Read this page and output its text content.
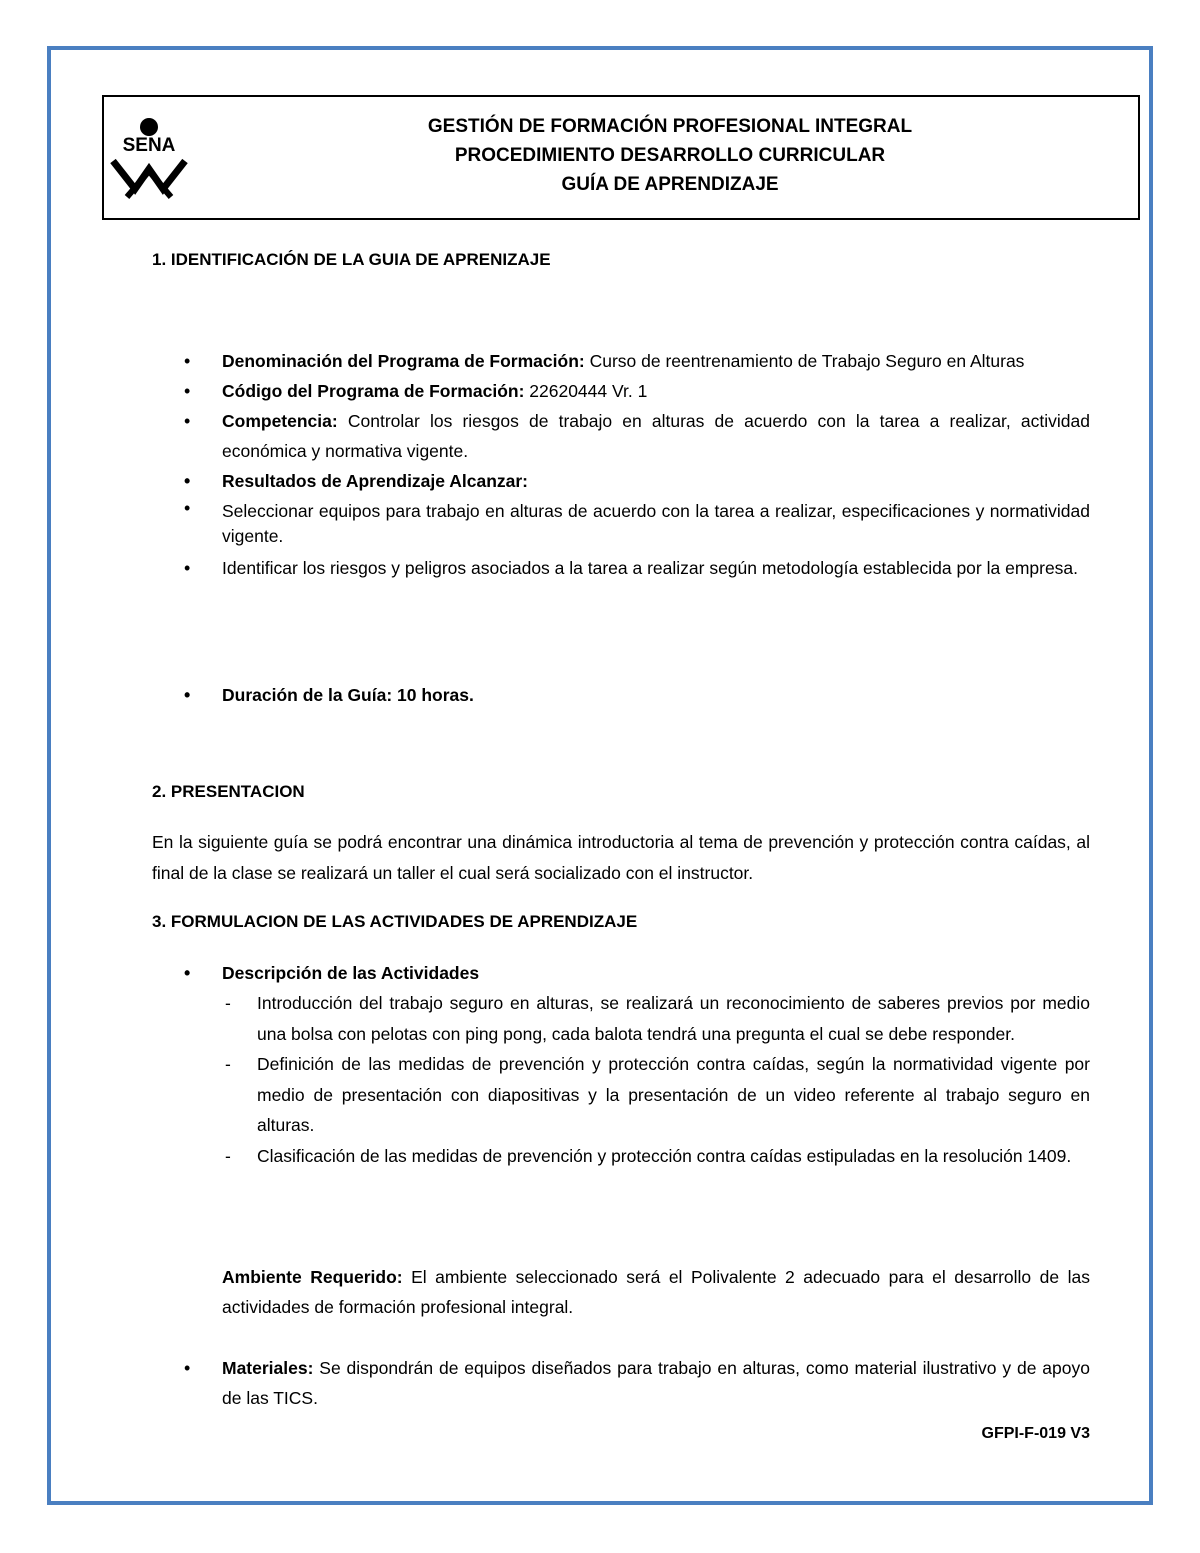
SENA
GESTIÓN DE FORMACIÓN PROFESIONAL INTEGRAL
PROCEDIMIENTO DESARROLLO CURRICULAR
GUÍA DE APRENDIZAJE
1. IDENTIFICACIÓN DE LA GUIA DE APRENIZAJE
• Denominación del Programa de Formación: Curso de reentrenamiento de Trabajo Seguro en Alturas
• Código del Programa de Formación: 22620444 Vr. 1
• Competencia: Controlar los riesgos de trabajo en alturas de acuerdo con la tarea a realizar, actividad económica y normativa vigente.
• Resultados de Aprendizaje Alcanzar:
• Seleccionar equipos para trabajo en alturas de acuerdo con la tarea a realizar, especificaciones y normatividad vigente.
• Identificar los riesgos y peligros asociados a la tarea a realizar según metodología establecida por la empresa.
• Duración de la Guía: 10 horas.
2. PRESENTACION
En la siguiente guía se podrá encontrar una dinámica introductoria al tema de prevención y protección contra caídas, al final de la clase se realizará un taller el cual será socializado con el instructor.
3. FORMULACION DE LAS ACTIVIDADES DE APRENDIZAJE
• Descripción de las Actividades
- Introducción del trabajo seguro en alturas, se realizará un reconocimiento de saberes previos por medio una bolsa con pelotas con ping pong, cada balota tendrá una pregunta el cual se debe responder.
- Definición de las medidas de prevención y protección contra caídas, según la normatividad vigente por medio de presentación con diapositivas y la presentación de un video referente al trabajo seguro en alturas.
- Clasificación de las medidas de prevención y protección contra caídas estipuladas en la resolución 1409.
Ambiente Requerido: El ambiente seleccionado será el Polivalente 2 adecuado para el desarrollo de las actividades de formación profesional integral.
• Materiales: Se dispondrán de equipos diseñados para trabajo en alturas, como material ilustrativo y de apoyo de las TICS.
GFPI-F-019 V3
